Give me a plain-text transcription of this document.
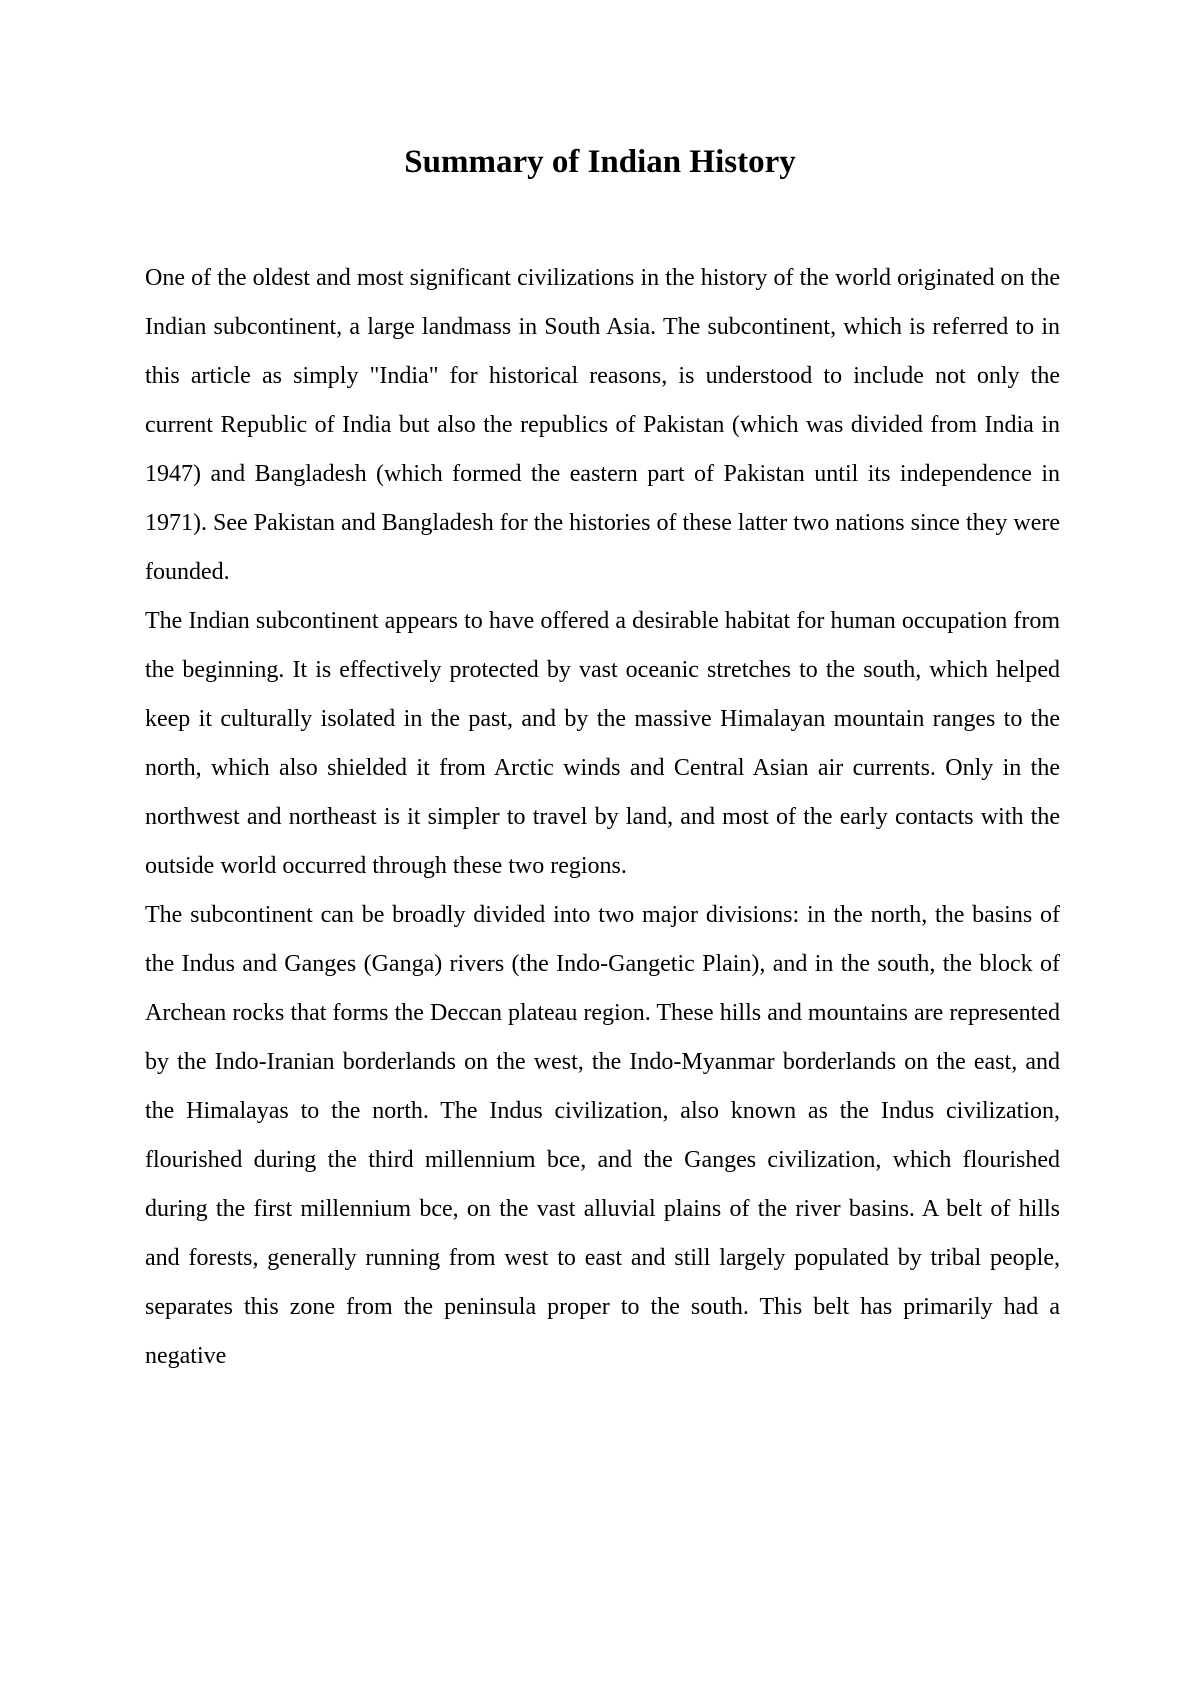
Summary of Indian History

One of the oldest and most significant civilizations in the history of the world originated on the Indian subcontinent, a large landmass in South Asia. The subcontinent, which is referred to in this article as simply "India" for historical reasons, is understood to include not only the current Republic of India but also the republics of Pakistan (which was divided from India in 1947) and Bangladesh (which formed the eastern part of Pakistan until its independence in 1971). See Pakistan and Bangladesh for the histories of these latter two nations since they were founded.

The Indian subcontinent appears to have offered a desirable habitat for human occupation from the beginning. It is effectively protected by vast oceanic stretches to the south, which helped keep it culturally isolated in the past, and by the massive Himalayan mountain ranges to the north, which also shielded it from Arctic winds and Central Asian air currents. Only in the northwest and northeast is it simpler to travel by land, and most of the early contacts with the outside world occurred through these two regions.

The subcontinent can be broadly divided into two major divisions: in the north, the basins of the Indus and Ganges (Ganga) rivers (the Indo-Gangetic Plain), and in the south, the block of Archean rocks that forms the Deccan plateau region. These hills and mountains are represented by the Indo-Iranian borderlands on the west, the Indo-Myanmar borderlands on the east, and the Himalayas to the north. The Indus civilization, also known as the Indus civilization, flourished during the third millennium bce, and the Ganges civilization, which flourished during the first millennium bce, on the vast alluvial plains of the river basins. A belt of hills and forests, generally running from west to east and still largely populated by tribal people, separates this zone from the peninsula proper to the south. This belt has primarily had a negative
